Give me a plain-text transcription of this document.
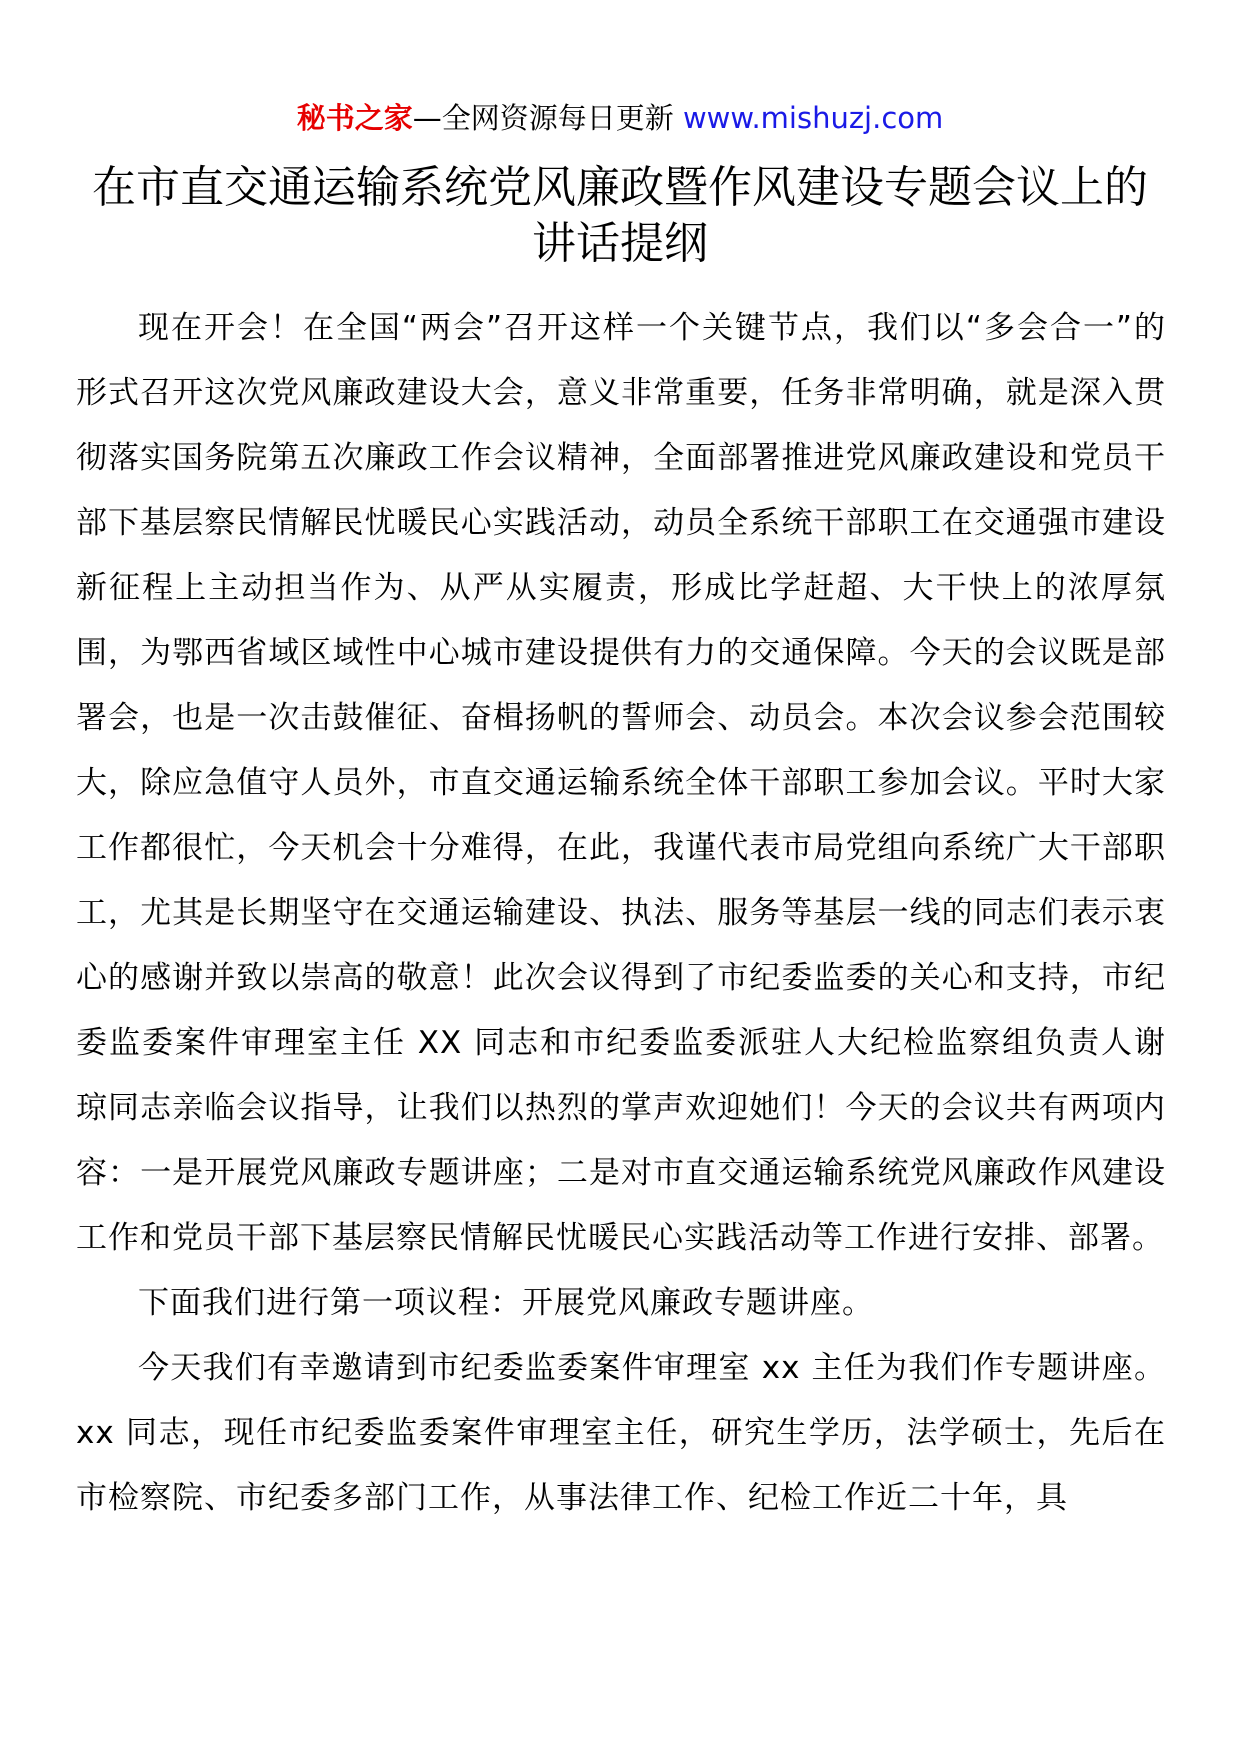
秘书之家—全网资源每日更新 www.mishuzj.com
在市直交通运输系统党风廉政暨作风建设专题会议上的讲话提纲

现在开会！在全国“两会”召开这样一个关键节点，我们以“多会合一”的形式召开这次党风廉政建设大会，意义非常重要，任务非常明确，就是深入贯彻落实国务院第五次廉政工作会议精神，全面部署推进党风廉政建设和党员干部下基层察民情解民忧暖民心实践活动，动员全系统干部职工在交通强市建设新征程上主动担当作为、从严从实履责，形成比学赶超、大干快上的浓厚氛围，为鄂西省域区域性中心城市建设提供有力的交通保障。今天的会议既是部署会，也是一次击鼓催征、奋楫扬帆的誓师会、动员会。本次会议参会范围较大，除应急值守人员外，市直交通运输系统全体干部职工参加会议。平时大家工作都很忙，今天机会十分难得，在此，我谨代表市局党组向系统广大干部职工，尤其是长期坚守在交通运输建设、执法、服务等基层一线的同志们表示衷心的感谢并致以崇高的敬意！此次会议得到了市纪委监委的关心和支持，市纪委监委案件审理室主任 XX 同志和市纪委监委派驻人大纪检监察组负责人谢琼同志亲临会议指导，让我们以热烈的掌声欢迎她们！今天的会议共有两项内容：一是开展党风廉政专题讲座；二是对市直交通运输系统党风廉政作风建设工作和党员干部下基层察民情解民忧暖民心实践活动等工作进行安排、部署。

下面我们进行第一项议程：开展党风廉政专题讲座。

今天我们有幸邀请到市纪委监委案件审理室 xx 主任为我们作专题讲座。xx 同志，现任市纪委监委案件审理室主任，研究生学历，法学硕士，先后在市检察院、市纪委多部门工作，从事法律工作、纪检工作近二十年，具
